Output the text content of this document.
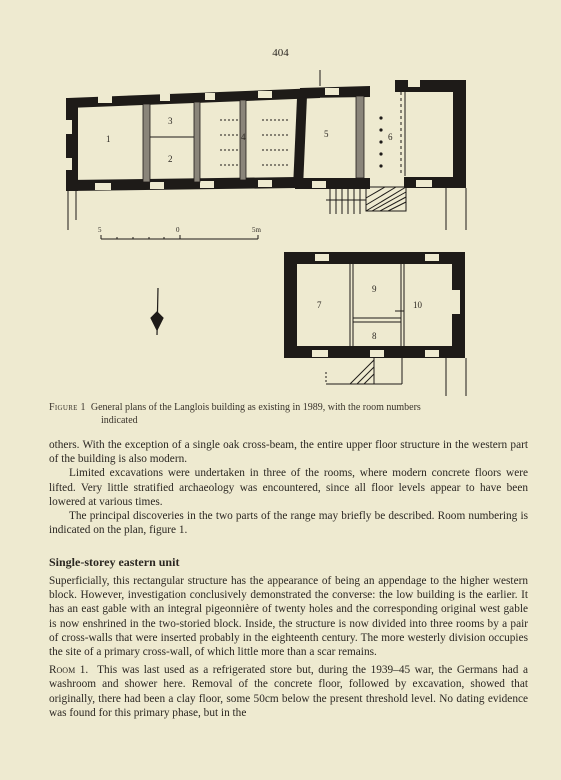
404
5	0	5m
1
2
3
4	5	6
7
8
9
10
Figure 1 General plans of the Langlois building as existing in 1989, with the room numbers
indicated

others. With the exception of a single oak cross-beam, the entire upper floor structure in the western part of the building is also modern.

Limited excavations were undertaken in three of the rooms, where modern concrete floors were lifted. Very little stratified archaeology was encountered, since all floor levels appear to have been lowered at various times.

The principal discoveries in the two parts of the range may briefly be described. Room numbering is indicated on the plan, figure 1.

Single-storey eastern unit

Superficially, this rectangular structure has the appearance of being an appendage to the higher western block. However, investigation conclusively demonstrated the converse: the low building is the earlier. It has an east gable with an integral pigeonnière of twenty holes and the corresponding original west gable is now enshrined in the two-storied block. Inside, the structure is now divided into three rooms by a pair of cross-walls that were inserted probably in the eighteenth century. The more westerly division occupies the site of a primary cross-wall, of which little more than a scar remains.

Room 1. This was last used as a refrigerated store but, during the 1939–45 war, the Germans had a washroom and shower here. Removal of the concrete floor, followed by excavation, showed that originally, there had been a clay floor, some 50cm below the present threshold level. No dating evidence was found for this primary phase, but in the
